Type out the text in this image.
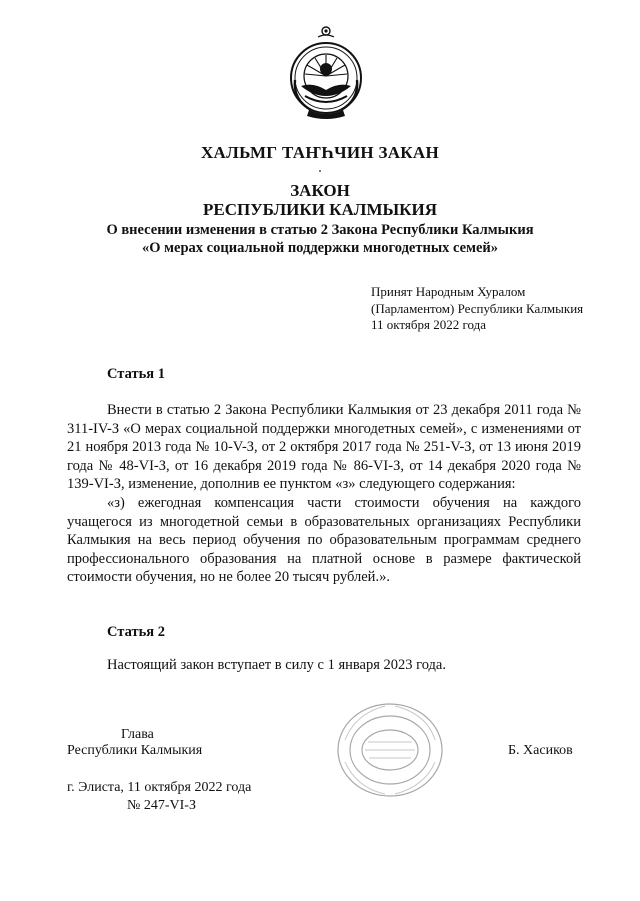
ХАЛЬМГ ТАҤҺЧИН ЗАКАН
ЗАКОН
РЕСПУБЛИКИ КАЛМЫКИЯ
О внесении изменения в статью 2 Закона Республики Калмыкия
«О мерах социальной поддержки многодетных семей»
Принят Народным Хуралом
(Парламентом) Республики Калмыкия
11 октября 2022 года
Статья 1
Внести в статью 2 Закона Республики Калмыкия от 23 декабря 2011 года № 311-IV-З «О мерах социальной поддержки многодетных семей», с изменениями от 21 ноября 2013 года № 10-V-З, от 2 октября 2017 года № 251-V-З, от 13 июня 2019 года № 48-VI-З, от 16 декабря 2019 года № 86-VI-З, от 14 декабря 2020 года № 139-VI-З, изменение, дополнив ее пунктом «з» следующего содержания:
«з) ежегодная компенсация части стоимости обучения на каждого учащегося из многодетной семьи в образовательных организациях Республики Калмыкия на весь период обучения по образовательным программам среднего профессионального образования на платной основе в размере фактической стоимости обучения, но не более 20 тысяч рублей.».
Статья 2
Настоящий закон вступает в силу с 1 января 2023 года.
Глава
Республики Калмыкия	Б. Хасиков
г. Элиста, 11 октября 2022 года
№ 247-VI-З
